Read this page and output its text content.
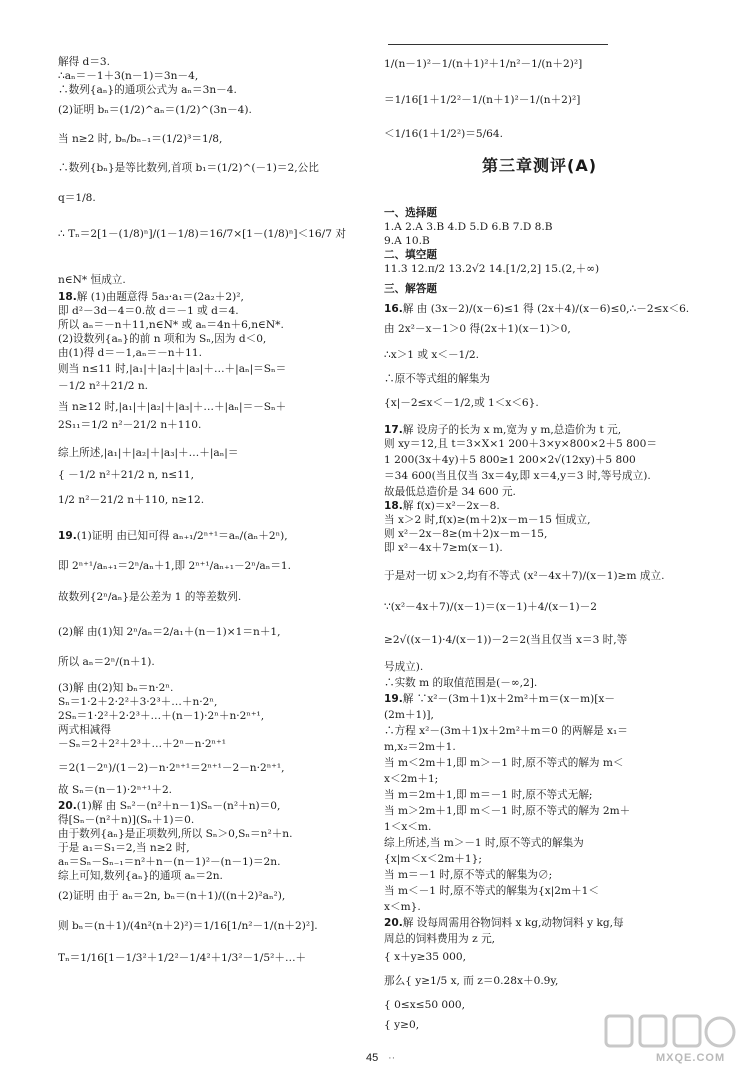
解得 d＝3.
∴aₙ＝－1＋3(n－1)＝3n－4,
∴数列{aₙ}的通项公式为 aₙ＝3n－4.
(2)证明 bₙ＝(1/2)^aₙ＝(1/2)^(3n－4).
当 n≥2 时, bₙ/bₙ₋₁＝(1/2)³＝1/8,
∴数列{bₙ}是等比数列,首项 b₁＝(1/2)^(－1)＝2,公比
q＝1/8.
∴ Tₙ＝2[1－(1/8)ⁿ]/(1－1/8)＝16/7×[1－(1/8)ⁿ]＜16/7 对
n∈N* 恒成立.
18.解 (1)由题意得 5a₃·a₁＝(2a₂＋2)²,
即 d²－3d－4＝0.故 d＝－1 或 d＝4.
所以 aₙ＝－n＋11,n∈N* 或 aₙ＝4n＋6,n∈N*.
(2)设数列{aₙ}的前 n 项和为 Sₙ,因为 d＜0,
由(1)得 d＝－1,aₙ＝－n＋11.
则当 n≤11 时,|a₁|＋|a₂|＋|a₃|＋…＋|aₙ|＝Sₙ＝
－1/2 n²＋21/2 n.
当 n≥12 时,|a₁|＋|a₂|＋|a₃|＋…＋|aₙ|＝－Sₙ＋
2S₁₁＝1/2 n²－21/2 n＋110.
综上所述,|a₁|＋|a₂|＋|a₃|＋…＋|aₙ|＝
{ －1/2 n²＋21/2 n, n≤11,
1/2 n²－21/2 n＋110, n≥12.
19.(1)证明 由已知可得 aₙ₊₁/2ⁿ⁺¹＝aₙ/(aₙ＋2ⁿ),
即 2ⁿ⁺¹/aₙ₊₁＝2ⁿ/aₙ＋1,即 2ⁿ⁺¹/aₙ₊₁－2ⁿ/aₙ＝1.
故数列{2ⁿ/aₙ}是公差为 1 的等差数列.
(2)解 由(1)知 2ⁿ/aₙ＝2/a₁＋(n－1)×1＝n＋1,
所以 aₙ＝2ⁿ/(n＋1).
(3)解 由(2)知 bₙ＝n·2ⁿ.
Sₙ＝1·2＋2·2²＋3·2³＋…＋n·2ⁿ,
2Sₙ＝1·2²＋2·2³＋…＋(n－1)·2ⁿ＋n·2ⁿ⁺¹,
两式相减得
－Sₙ＝2＋2²＋2³＋…＋2ⁿ－n·2ⁿ⁺¹
＝2(1－2ⁿ)/(1－2)－n·2ⁿ⁺¹＝2ⁿ⁺¹－2－n·2ⁿ⁺¹,
故 Sₙ＝(n－1)·2ⁿ⁺¹＋2.
20.(1)解 由 Sₙ²－(n²＋n－1)Sₙ－(n²＋n)＝0,
得[Sₙ－(n²＋n)](Sₙ＋1)＝0.
由于数列{aₙ}是正项数列,所以 Sₙ＞0,Sₙ＝n²＋n.
于是 a₁＝S₁＝2,当 n≥2 时,
aₙ＝Sₙ－Sₙ₋₁＝n²＋n－(n－1)²－(n－1)＝2n.
综上可知,数列{aₙ}的通项 aₙ＝2n.
(2)证明 由于 aₙ＝2n, bₙ＝(n＋1)/((n＋2)²aₙ²),
则 bₙ＝(n＋1)/(4n²(n＋2)²)＝1/16[1/n²－1/(n＋2)²].
Tₙ＝1/16[1－1/3²＋1/2²－1/4²＋1/3²－1/5²＋…＋
第三章测评(A)
1/(n－1)²－1/(n＋1)²＋1/n²－1/(n＋2)²]
＝1/16[1＋1/2²－1/(n＋1)²－1/(n＋2)²]
＜1/16(1＋1/2²)＝5/64.
一、选择题
1.A 2.A 3.B 4.D 5.D 6.B 7.D 8.B
9.A 10.B
二、填空题
11.3 12.π/2 13.2√2 14.[1/2,2] 15.(2,＋∞)
三、解答题
16.解 由 (3x－2)/(x－6)≤1 得 (2x＋4)/(x－6)≤0,∴－2≤x＜6.
由 2x²－x－1＞0 得(2x＋1)(x－1)＞0,
∴x＞1 或 x＜－1/2.
∴原不等式组的解集为
{x|－2≤x＜－1/2,或 1＜x＜6}.
17.解 设房子的长为 x m,宽为 y m,总造价为 t 元,
则 xy＝12,且 t＝3×X×1 200＋3×y×800×2＋5 800＝
1 200(3x＋4y)＋5 800≥1 200×2√(12xy)＋5 800
＝34 600(当且仅当 3x＝4y,即 x＝4,y＝3 时,等号成立).
故最低总造价是 34 600 元.
18.解 f(x)＝x²－2x－8.
当 x＞2 时,f(x)≥(m＋2)x－m－15 恒成立,
则 x²－2x－8≥(m＋2)x－m－15,
即 x²－4x＋7≥m(x－1).
于是对一切 x＞2,均有不等式 (x²－4x＋7)/(x－1)≥m 成立.
∵(x²－4x＋7)/(x－1)＝(x－1)＋4/(x－1)－2
≥2√((x－1)·4/(x－1))－2＝2(当且仅当 x＝3 时,等
号成立).
∴实数 m 的取值范围是(－∞,2].
19.解 ∵x²－(3m＋1)x＋2m²＋m＝(x－m)[x－
(2m＋1)],
∴方程 x²－(3m＋1)x＋2m²＋m＝0 的两解是 x₁＝
m,x₂＝2m＋1.
当 m＜2m＋1,即 m＞－1 时,原不等式的解为 m＜
x＜2m＋1;
当 m＝2m＋1,即 m＝－1 时,原不等式无解;
当 m＞2m＋1,即 m＜－1 时,原不等式的解为 2m＋
1＜x＜m.
综上所述,当 m＞－1 时,原不等式的解集为
{x|m＜x＜2m＋1};
当 m＝－1 时,原不等式的解集为∅;
当 m＜－1 时,原不等式的解集为{x|2m＋1＜
x＜m}.
20.解 设每周需用谷物饲料 x kg,动物饲料 y kg,每
周总的饲料费用为 z 元,
{ x＋y≥35 000,
那么{ y≥1/5 x, 而 z＝0.28x＋0.9y,
{ 0≤x≤50 000,
{ y≥0,
45 ··	MXQE.COM
